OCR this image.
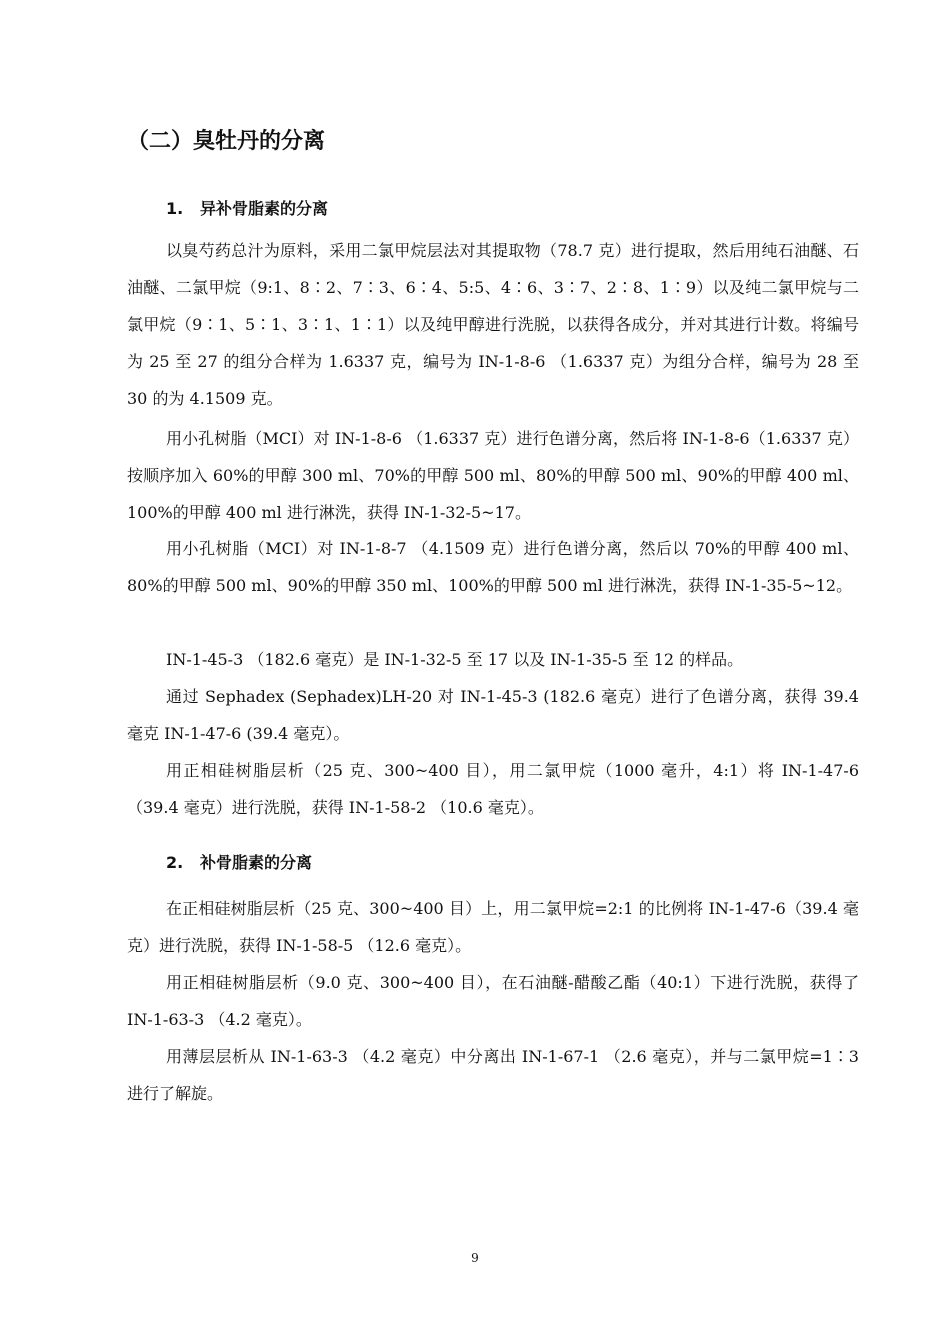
（二）臭牡丹的分离
1. 异补骨脂素的分离

以臭芍药总汁为原料，采用二氯甲烷层法对其提取物（78.7 克）进行提取，然后用纯石油醚、石油醚、二氯甲烷（9:1、8∶2、7∶3、6∶4、5:5、4∶6、3∶7、2∶8、1∶9）以及纯二氯甲烷与二氯甲烷（9∶1、5∶1、3∶1、1∶1）以及纯甲醇进行洗脱，以获得各成分，并对其进行计数。将编号为 25 至 27 的组分合样为 1.6337 克，编号为 IN-1-8-6 （1.6337 克）为组分合样，编号为 28 至 30 的为 4.1509 克。

用小孔树脂（MCI）对 IN-1-8-6 （1.6337 克）进行色谱分离，然后将 IN-1-8-6（1.6337 克）按顺序加入 60%的甲醇 300 ml、70%的甲醇 500 ml、80%的甲醇 500 ml、90%的甲醇 400 ml、100%的甲醇 400 ml 进行淋洗，获得 IN-1-32-5~17。

用小孔树脂（MCI）对 IN-1-8-7 （4.1509 克）进行色谱分离，然后以 70%的甲醇 400 ml、80%的甲醇 500 ml、90%的甲醇 350 ml、100%的甲醇 500 ml 进行淋洗，获得 IN-1-35-5~12。

IN-1-45-3 （182.6 毫克）是 IN-1-32-5 至 17 以及 IN-1-35-5 至 12 的样品。

通过 Sephadex (Sephadex)LH-20 对 IN-1-45-3 (182.6 毫克）进行了色谱分离，获得 39.4 毫克 IN-1-47-6 (39.4 毫克）。

用正相硅树脂层析（25 克、300~400 目），用二氯甲烷（1000 毫升，4:1）将 IN-1-47-6 （39.4 毫克）进行洗脱，获得 IN-1-58-2 （10.6 毫克）。

2. 补骨脂素的分离

在正相硅树脂层析（25 克、300~400 目）上，用二氯甲烷=2:1 的比例将 IN-1-47-6（39.4 毫克）进行洗脱，获得 IN-1-58-5 （12.6 毫克）。

用正相硅树脂层析（9.0 克、300~400 目），在石油醚-醋酸乙酯（40:1）下进行洗脱，获得了 IN-1-63-3 （4.2 毫克）。

用薄层层析从 IN-1-63-3 （4.2 毫克）中分离出 IN-1-67-1 （2.6 毫克），并与二氯甲烷=1∶3 进行了解旋。

9
